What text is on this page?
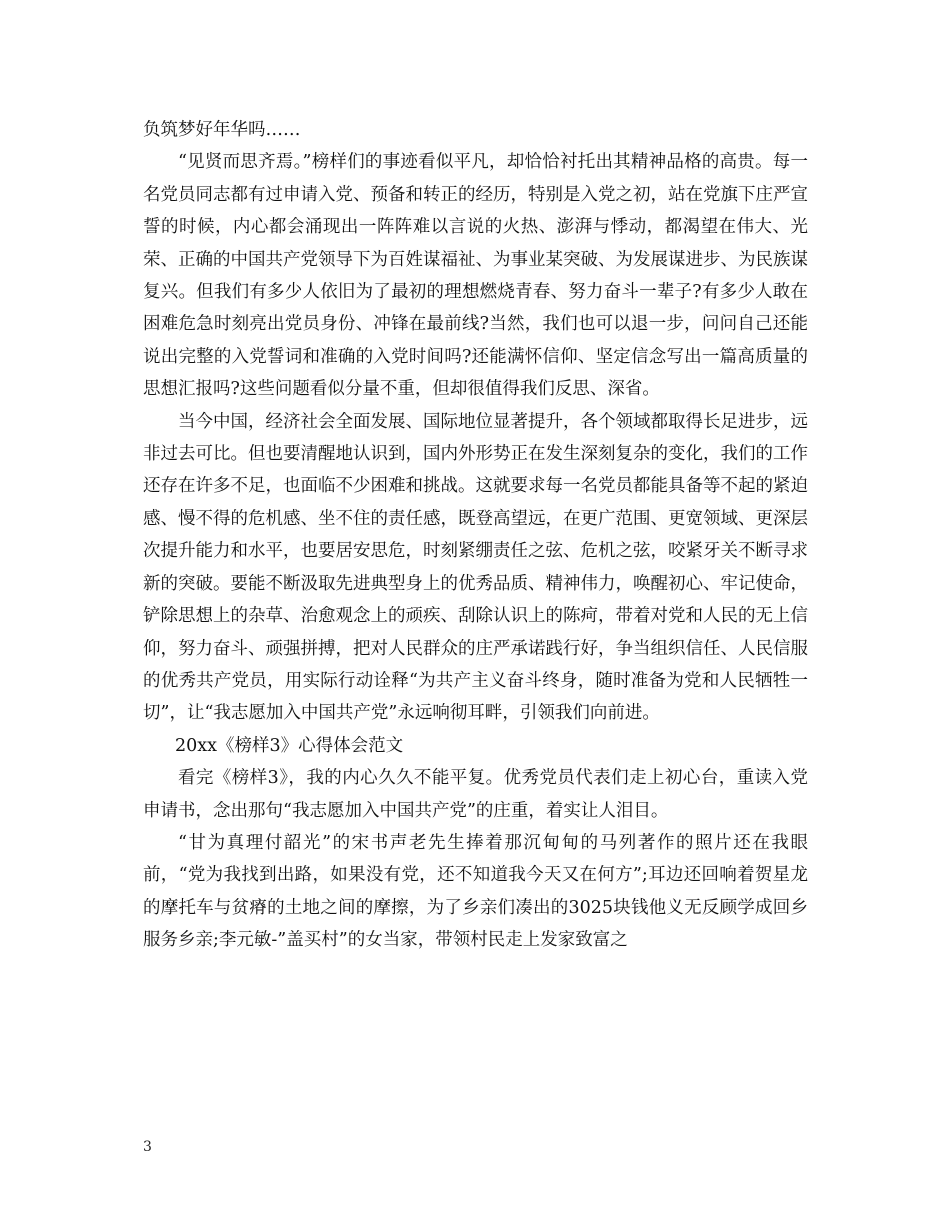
负筑梦好年华吗……

“见贤而思齐焉。”榜样们的事迹看似平凡，却恰恰衬托出其精神品格的高贵。每一名党员同志都有过申请入党、预备和转正的经历，特别是入党之初，站在党旗下庄严宣誓的时候，内心都会涌现出一阵阵难以言说的火热、澎湃与悸动，都渴望在伟大、光荣、正确的中国共产党领导下为百姓谋福祉、为事业某突破、为发展谋进步、为民族谋复兴。但我们有多少人依旧为了最初的理想燃烧青春、努力奋斗一辈子?有多少人敢在困难危急时刻亮出党员身份、冲锋在最前线?当然，我们也可以退一步，问问自己还能说出完整的入党誓词和准确的入党时间吗?还能满怀信仰、坚定信念写出一篇高质量的思想汇报吗?这些问题看似分量不重，但却很值得我们反思、深省。

当今中国，经济社会全面发展、国际地位显著提升，各个领域都取得长足进步，远非过去可比。但也要清醒地认识到，国内外形势正在发生深刻复杂的变化，我们的工作还存在许多不足，也面临不少困难和挑战。这就要求每一名党员都能具备等不起的紧迫感、慢不得的危机感、坐不住的责任感，既登高望远，在更广范围、更宽领域、更深层次提升能力和水平，也要居安思危，时刻紧绷责任之弦、危机之弦，咬紧牙关不断寻求新的突破。要能不断汲取先进典型身上的优秀品质、精神伟力，唤醒初心、牢记使命，铲除思想上的杂草、治愈观念上的顽疾、刮除认识上的陈疴，带着对党和人民的无上信仰，努力奋斗、顽强拼搏，把对人民群众的庄严承诺践行好，争当组织信任、人民信服的优秀共产党员，用实际行动诠释“为共产主义奋斗终身，随时准备为党和人民牺牲一切”，让“我志愿加入中国共产党”永远响彻耳畔，引领我们向前进。

20xx《榜样3》心得体会范文

看完《榜样3》，我的内心久久不能平复。优秀党员代表们走上初心台，重读入党申请书，念出那句“我志愿加入中国共产党”的庄重，着实让人泪目。

“甘为真理付韶光”的宋书声老先生捧着那沉甸甸的马列著作的照片还在我眼前，“党为我找到出路，如果没有党，还不知道我今天又在何方”;耳边还回响着贺星龙的摩托车与贫瘠的土地之间的摩擦，为了乡亲们凑出的3025块钱他义无反顾学成回乡服务乡亲;李元敏-”盖买村”的女当家，带领村民走上发家致富之

3
